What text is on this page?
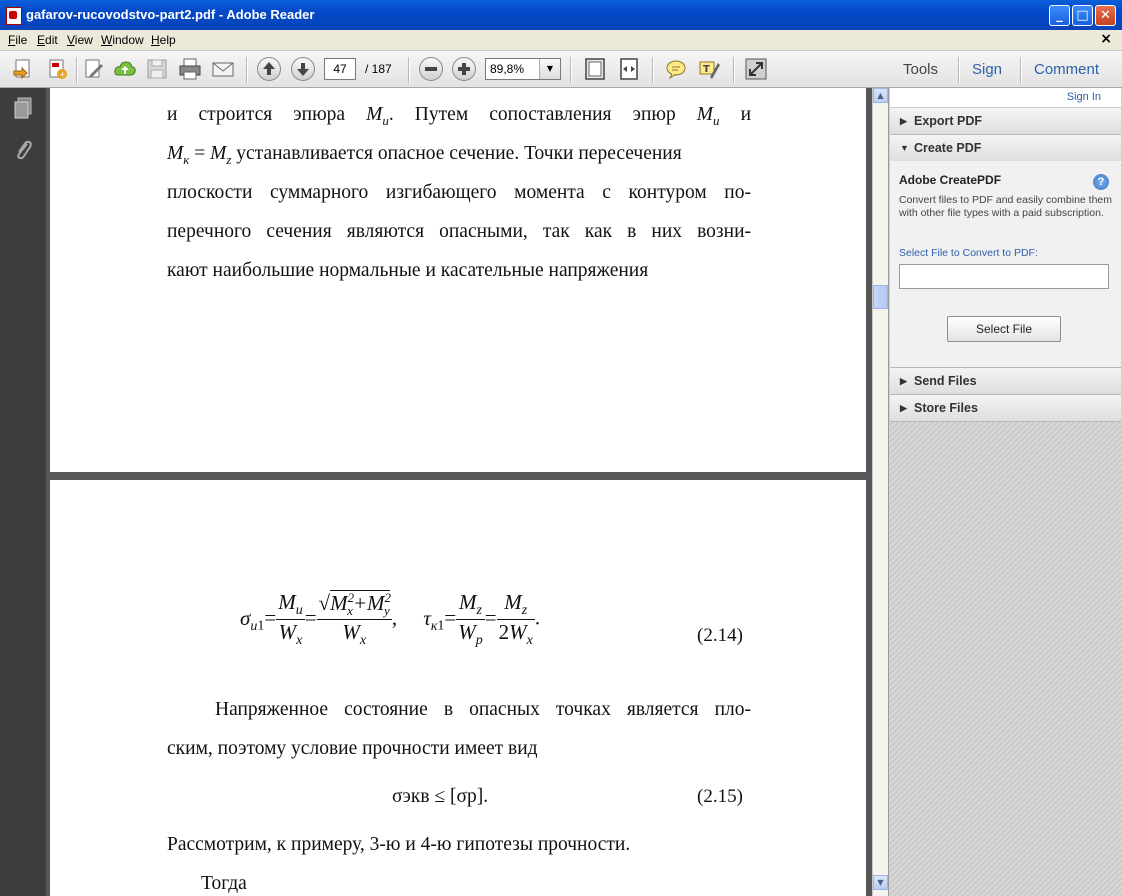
gafarov-rucovodstvo-part2.pdf - Adobe Reader	_	□ ✕
File Edit View Window Help	×
+	47	/ 187	89,8%	▼	T	Tools Sign Comment
и строится эпюра $M_и$. Путем сопоставления эпюр $M_и$ и
$M_к = M_z$ устанавливается опасное сечение. Точки пересечения
плоскости суммарного изгибающего момента с контуром по-
перечного сечения являются опасными, так как в них возни-
кают наибольшие нормальные и касательные напряжения
$\sigma_{u1}= \frac{M_u}{W_x} = \frac{√M^2_x+M^2_y}{W_x}$ ,     $\tau_{к1}= \frac{M_z}{W_p} = \frac{M_z}{2W_x}$ .
(2.14)
Напряженное состояние в опасных точках является пло-
ским, поэтому условие прочности имеет вид
σэкв ≤ [σр].	(2.15)
Рассмотрим, к примеру, 3-ю и 4-ю гипотезы прочности.
Тогда
▲
▼
Sign In
▶ Export PDF
▼ Create PDF
Adobe CreatePDF	?
Convert files to PDF and easily combine them with other file types with a paid subscription.
Select File to Convert to PDF:
Select File
▶ Send Files
▶ Store Files
